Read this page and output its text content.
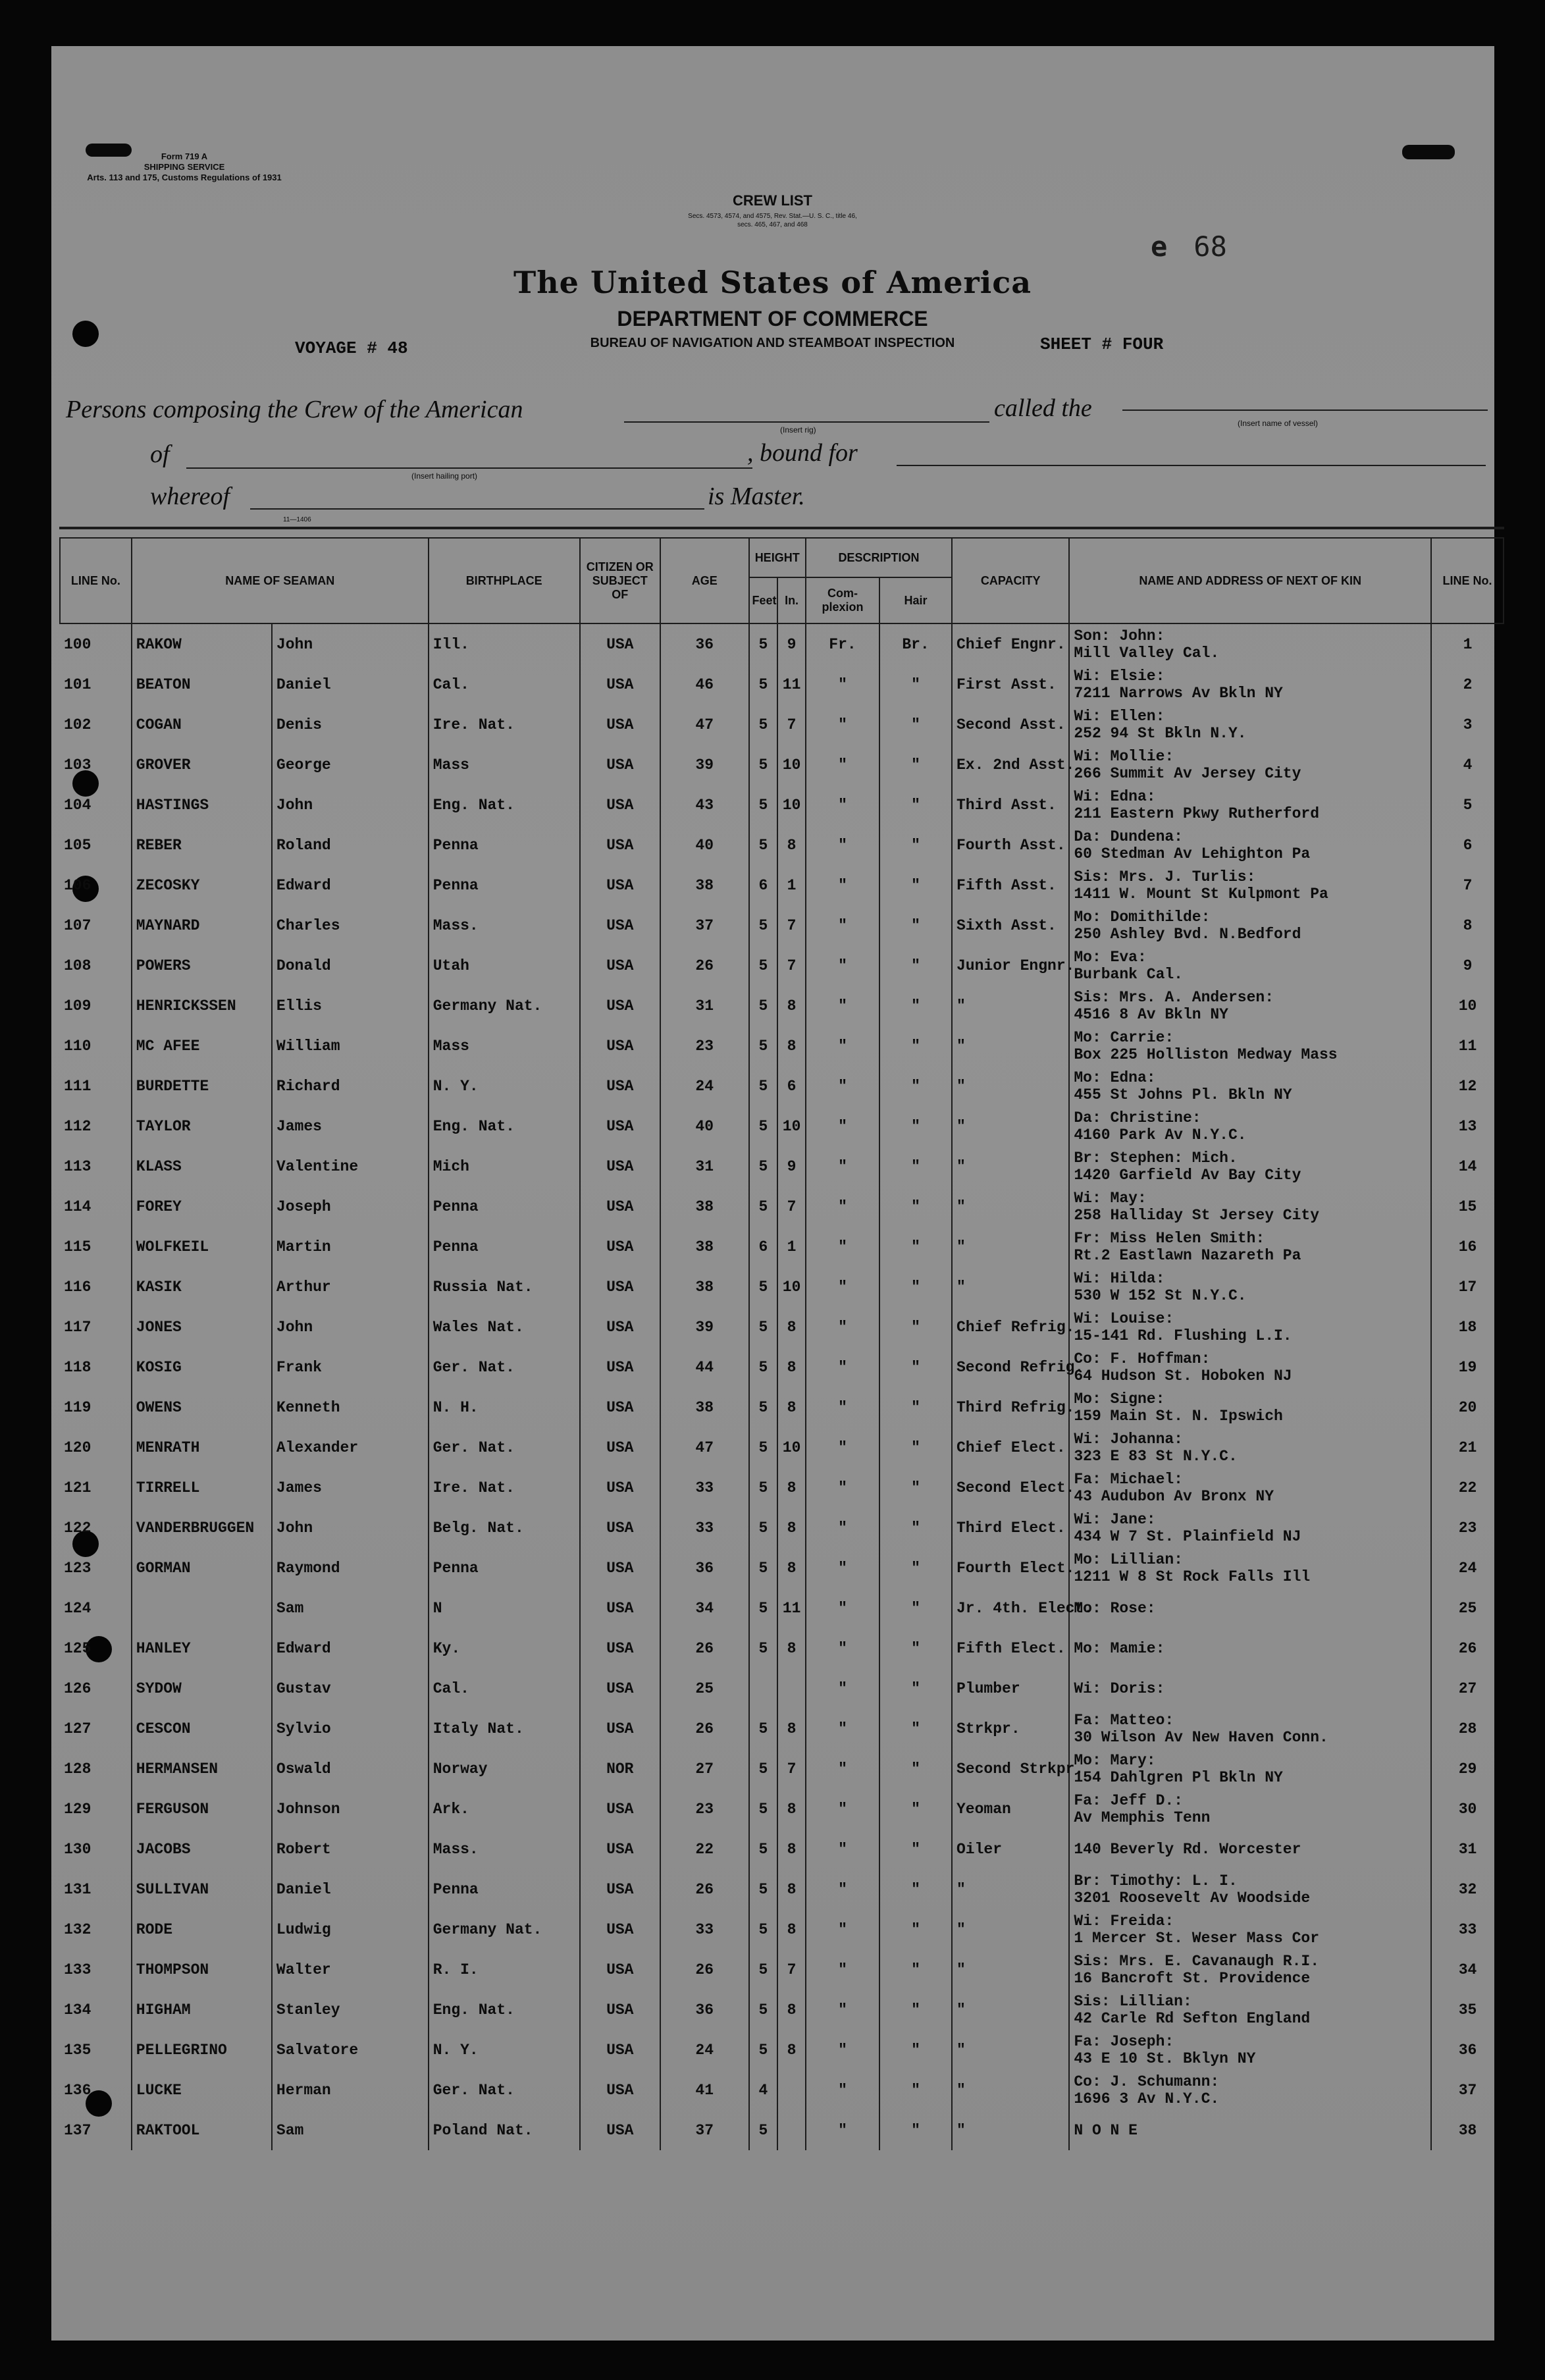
Form 719 A
SHIPPING SERVICE
Arts. 113 and 175, Customs Regulations of 1931
CREW LIST
Secs. 4573, 4574, and 4575, Rev. Stat.—U. S. C., title 46,
secs. 465, 467, and 468
e 68
The United States of America
DEPARTMENT OF COMMERCE
BUREAU OF NAVIGATION AND STEAMBOAT INSPECTION
VOYAGE # 48	SHEET # FOUR
Persons composing the Crew of the American
(Insert rig)
called the
(Insert name of vessel)
of
(Insert hailing port)
, bound for
whereof	is Master.
11—1406
LINE No.	NAME OF SEAMAN		BIRTHPLACE	CITIZEN OR SUBJECT OF	AGE	HEIGHT		DESCRIPTION		CAPACITY	NAME AND ADDRESS OF NEXT OF KIN	LINE No.
						Feet	In.	Com-plexion	Hair			
100	RAKOW	John	Ill.	USA	36	5	9	Fr.	Br.	Chief Engnr.	Son: John:
Mill Valley Cal.	1
101	BEATON	Daniel	Cal.	USA	46	5	11	"	"	First Asst.	Wi: Elsie:
7211 Narrows Av Bkln NY	2
102	COGAN	Denis	Ire. Nat.	USA	47	5	7	"	"	Second Asst.	Wi: Ellen:
252 94 St Bkln N.Y.	3
103	GROVER	George	Mass	USA	39	5	10	"	"	Ex. 2nd Asst.	Wi: Mollie:
266 Summit Av Jersey City	4
104	HASTINGS	John	Eng. Nat.	USA	43	5	10	"	"	Third Asst.	Wi: Edna:
211 Eastern Pkwy Rutherford	5
105	REBER	Roland	Penna	USA	40	5	8	"	"	Fourth Asst.	Da: Dundena:
60 Stedman Av Lehighton Pa	6
106	ZECOSKY	Edward	Penna	USA	38	6	1	"	"	Fifth Asst.	Sis: Mrs. J. Turlis:
1411 W. Mount St Kulpmont Pa	7
107	MAYNARD	Charles	Mass.	USA	37	5	7	"	"	Sixth Asst.	Mo: Domithilde:
250 Ashley Bvd. N.Bedford	8
108	POWERS	Donald	Utah	USA	26	5	7	"	"	Junior Engnr.	Mo: Eva:
Burbank Cal.	9
109	HENRICKSSEN	Ellis	Germany Nat.	USA	31	5	8	"	"	"	Sis: Mrs. A. Andersen:
4516 8 Av Bkln NY	10
110	MC AFEE	William	Mass	USA	23	5	8	"	"	"	Mo: Carrie:
Box 225 Holliston Medway Mass	11
111	BURDETTE	Richard	N. Y.	USA	24	5	6	"	"	"	Mo: Edna:
455 St Johns Pl. Bkln NY	12
112	TAYLOR	James	Eng. Nat.	USA	40	5	10	"	"	"	Da: Christine:
4160 Park Av N.Y.C.	13
113	KLASS	Valentine	Mich	USA	31	5	9	"	"	"	Br: Stephen: Mich.
1420 Garfield Av Bay City	14
114	FOREY	Joseph	Penna	USA	38	5	7	"	"	"	Wi: May:
258 Halliday St Jersey City	15
115	WOLFKEIL	Martin	Penna	USA	38	6	1	"	"	"	Fr: Miss Helen Smith:
Rt.2 Eastlawn Nazareth Pa	16
116	KASIK	Arthur	Russia Nat.	USA	38	5	10	"	"	"	Wi: Hilda:
530 W 152 St N.Y.C.	17
117	JONES	John	Wales Nat.	USA	39	5	8	"	"	Chief Refrig.	Wi: Louise:
15-141 Rd. Flushing L.I.	18
118	KOSIG	Frank	Ger. Nat.	USA	44	5	8	"	"	Second Refrig.	Co: F. Hoffman:
64 Hudson St. Hoboken NJ	19
119	OWENS	Kenneth	N. H.	USA	38	5	8	"	"	Third Refrig.	Mo: Signe:
159 Main St. N. Ipswich	20
120	MENRATH	Alexander	Ger. Nat.	USA	47	5	10	"	"	Chief Elect.	Wi: Johanna:
323 E 83 St N.Y.C.	21
121	TIRRELL	James	Ire. Nat.	USA	33	5	8	"	"	Second Elect.	Fa: Michael:
43 Audubon Av Bronx NY	22
122	VANDERBRUGGEN	John	Belg. Nat.	USA	33	5	8	"	"	Third Elect.	Wi: Jane:
434 W 7 St. Plainfield NJ	23
123	GORMAN	Raymond	Penna	USA	36	5	8	"	"	Fourth Elect.	Mo: Lillian:
1211 W 8 St Rock Falls Ill	24
124		Sam	N	USA	34	5	11	"	"	Jr. 4th. Elect.	Mo: Rose:	25
125	HANLEY	Edward	Ky.	USA	26	5	8	"	"	Fifth Elect.	Mo: Mamie:	26
126	SYDOW	Gustav	Cal.	USA	25			"	"	Plumber	Wi: Doris:	27
127	CESCON	Sylvio	Italy Nat.	USA	26	5	8	"	"	Strkpr.	Fa: Matteo:
30 Wilson Av New Haven Conn.	28
128	HERMANSEN	Oswald	Norway	NOR	27	5	7	"	"	Second Strkpr.	Mo: Mary:
154 Dahlgren Pl Bkln NY	29
129	FERGUSON	Johnson	Ark.	USA	23	5	8	"	"	Yeoman	Fa: Jeff D.:
Av Memphis Tenn	30
130	JACOBS	Robert	Mass.	USA	22	5	8	"	"	Oiler	140 Beverly Rd. Worcester	31
131	SULLIVAN	Daniel	Penna	USA	26	5	8	"	"	"	Br: Timothy: L. I.
3201 Roosevelt Av Woodside	32
132	RODE	Ludwig	Germany Nat.	USA	33	5	8	"	"	"	Wi: Freida:
1 Mercer St. Weser Mass Cor	33
133	THOMPSON	Walter	R. I.	USA	26	5	7	"	"	"	Sis: Mrs. E. Cavanaugh R.I.
16 Bancroft St. Providence	34
134	HIGHAM	Stanley	Eng. Nat.	USA	36	5	8	"	"	"	Sis: Lillian:
42 Carle Rd Sefton England	35
135	PELLEGRINO	Salvatore	N. Y.	USA	24	5	8	"	"	"	Fa: Joseph:
43 E 10 St. Bklyn NY	36
136	LUCKE	Herman	Ger. Nat.	USA	41	4		"	"	"	Co: J. Schumann:
1696 3 Av N.Y.C.	37
137	RAKTOOL	Sam	Poland Nat.	USA	37	5		"	"	"	N O N E	38
